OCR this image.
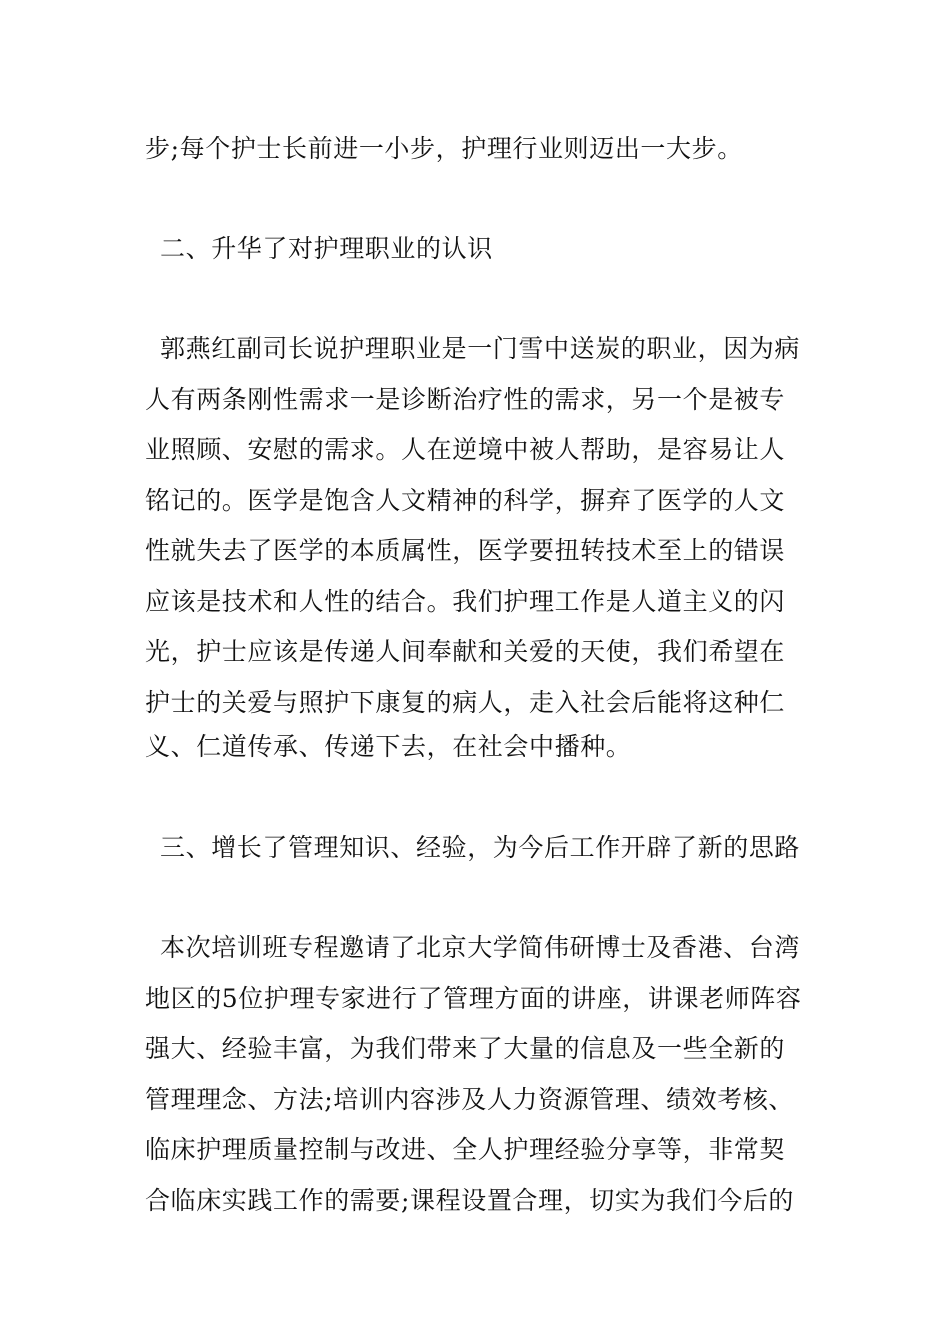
步;每个护士长前进一小步，护理行业则迈出一大步。
二、升华了对护理职业的认识
郭燕红副司长说护理职业是一门雪中送炭的职业，因为病
人有两条刚性需求一是诊断治疗性的需求，另一个是被专
业照顾、安慰的需求。人在逆境中被人帮助，是容易让人
铭记的。医学是饱含人文精神的科学，摒弃了医学的人文
性就失去了医学的本质属性，医学要扭转技术至上的错误
应该是技术和人性的结合。我们护理工作是人道主义的闪
光，护士应该是传递人间奉献和关爱的天使，我们希望在
护士的关爱与照护下康复的病人，走入社会后能将这种仁
义、仁道传承、传递下去，在社会中播种。
三、增长了管理知识、经验，为今后工作开辟了新的思路
本次培训班专程邀请了北京大学简伟研博士及香港、台湾
地区的5位护理专家进行了管理方面的讲座，讲课老师阵容
强大、经验丰富，为我们带来了大量的信息及一些全新的
管理理念、方法;培训内容涉及人力资源管理、绩效考核、
临床护理质量控制与改进、全人护理经验分享等，非常契
合临床实践工作的需要;课程设置合理，切实为我们今后的
